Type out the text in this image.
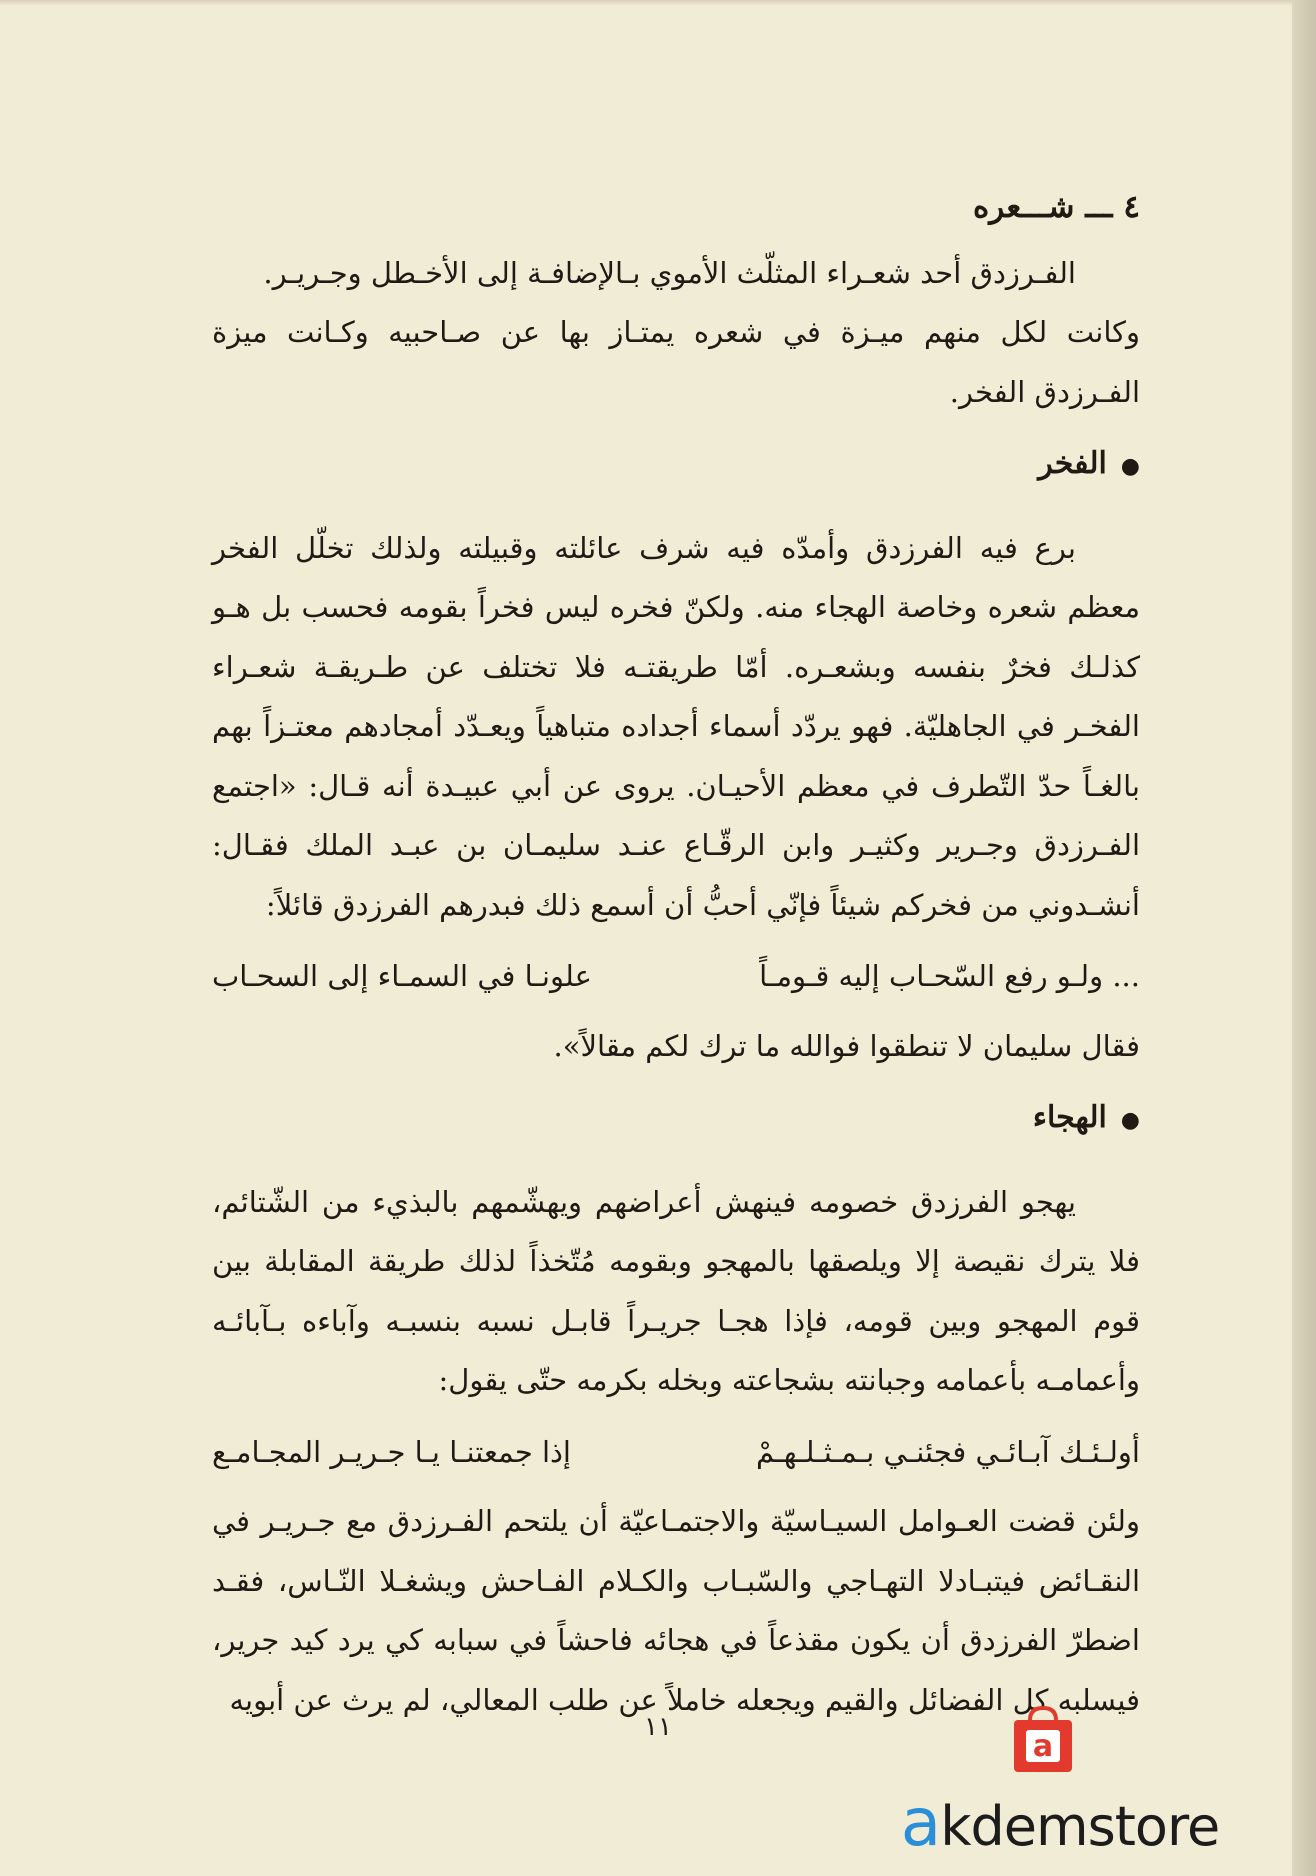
٤ ـــ شـــعره

الفـرزدق أحد شعـراء المثلّث الأموي بـالإضافـة إلى الأخـطل وجـريـر.

وكانت لكل منهم ميـزة في شعره يمتـاز بها عن صـاحبيه وكـانت ميزة الفـرزدق الفخر.

●الفخر

برع فيه الفرزدق وأمدّه فيه شرف عائلته وقبيلته ولذلك تخلّل الفخر معظم شعره وخاصة الهجاء منه. ولكنّ فخره ليس فخراً بقومه فحسب بل هـو كذلـك فخرٌ بنفسه وبشعـره. أمّا طريقتـه فلا تختلف عن طـريقـة شعـراء الفخـر في الجاهليّة. فهو يردّد أسماء أجداده متباهياً ويعـدّد أمجادهم معتـزاً بهم بالغـاً حدّ التّطرف في معظم الأحيـان. يروى عن أبي عبيـدة أنه قـال: «اجتمع الفـرزدق وجـرير وكثيـر وابن الرقّـاع عنـد سليمـان بن عبـد الملك فقـال: أنشـدوني من فخركم شيئاً فإنّي أحبُّ أن أسمع ذلك فبدرهم الفرزدق قائلاً:

... ولـو رفع السّحـاب إليه قـومـاً
علونـا في السمـاء إلى السحـاب

فقال سليمان لا تنطقوا فوالله ما ترك لكم مقالاً».

●الهجاء

يهجو الفرزدق خصومه فينهش أعراضهم ويهشّمهم بالبذيء من الشّتائم، فلا يترك نقيصة إلا ويلصقها بالمهجو وبقومه مُتّخذاً لذلك طريقة المقابلة بين قوم المهجو وبين قومه، فإذا هجـا جريـراً قابـل نسبه بنسبـه وآباءه بـآبائـه وأعمامـه بأعمامه وجبانته بشجاعته وبخله بكرمه حتّى يقول:

أولـئـك آبـائـي فجئنـي بـمـثـلـهـمْ
إذا جمعتنـا يـا جـريـر المجـامـع

ولئن قضت العـوامل السيـاسيّة والاجتمـاعيّة أن يلتحم الفـرزدق مع جـريـر في النقـائض فيتبـادلا التهـاجي والسّبـاب والكـلام الفـاحش ويشغـلا النّـاس، فقـد اضطرّ الفرزدق أن يكون مقذعاً في هجائه فاحشاً في سبابه كي يرد كيد جرير، فيسلبه كل الفضائل والقيم ويجعله خاملاً عن طلب المعالي، لم يرث عن أبويه

١١
a
akdemstore
